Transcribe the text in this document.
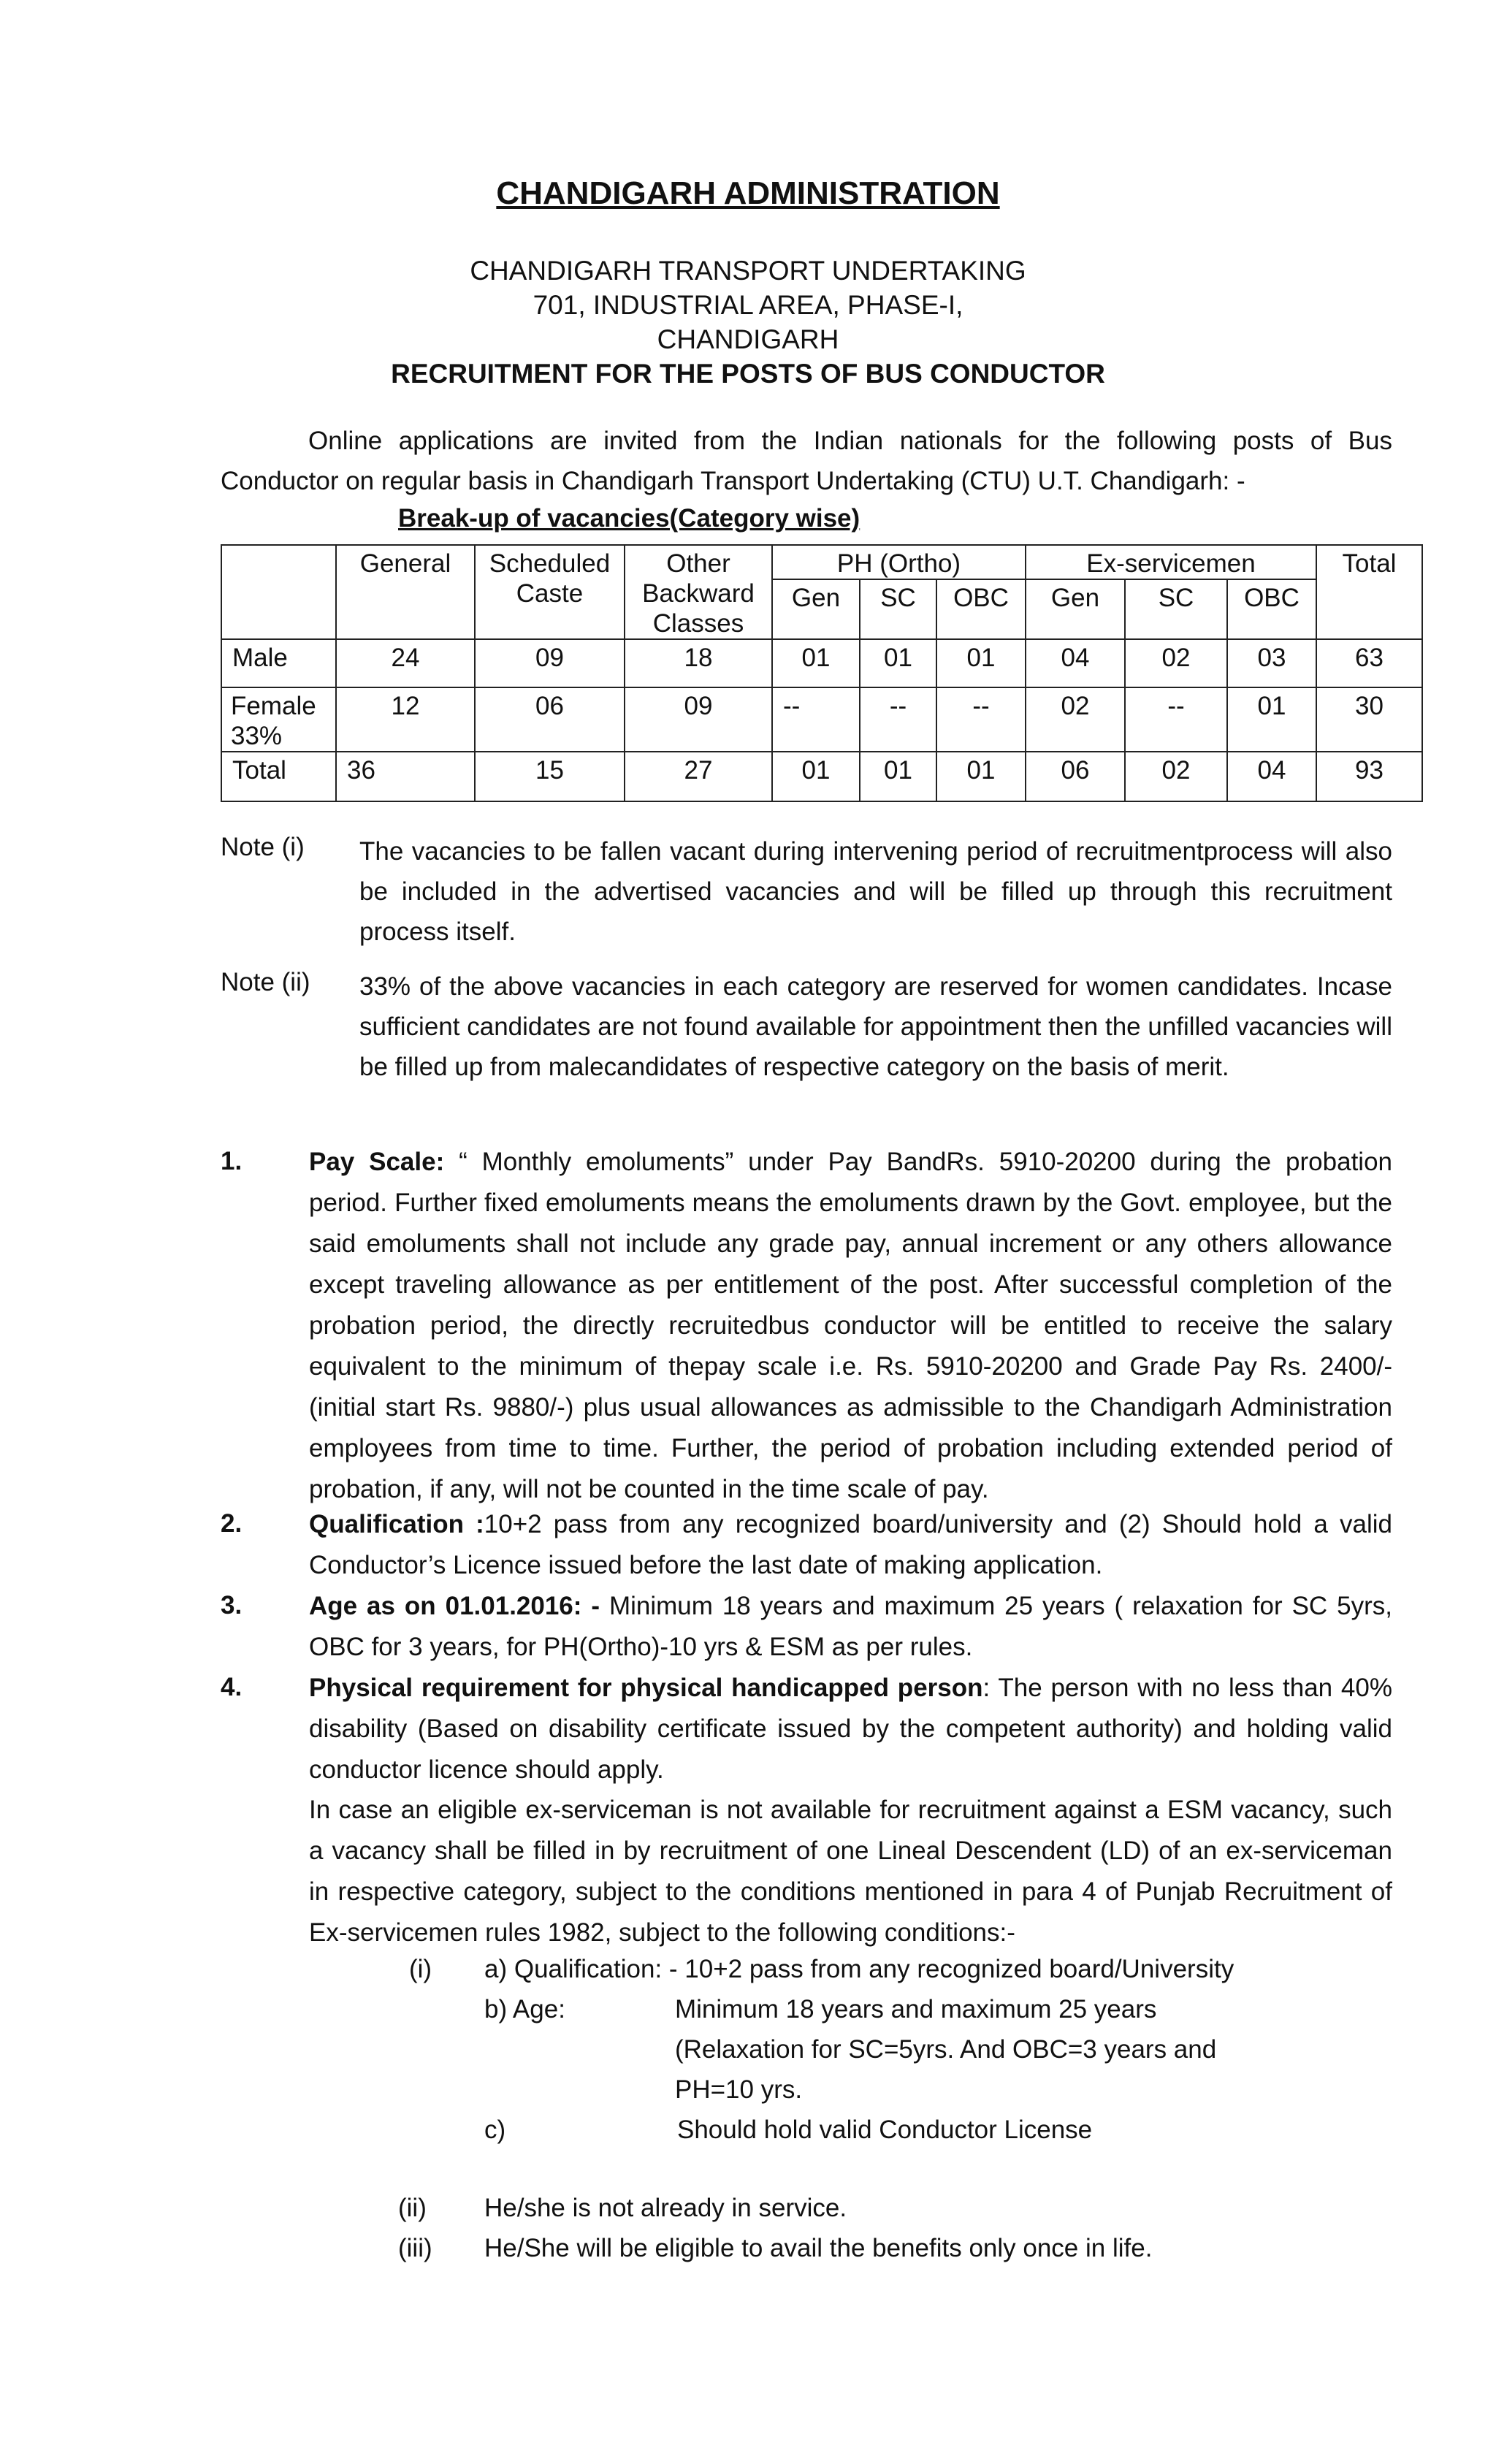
CHANDIGARH ADMINISTRATION
CHANDIGARH TRANSPORT UNDERTAKING
701, INDUSTRIAL AREA, PHASE-I,
CHANDIGARH
RECRUITMENT FOR THE POSTS OF BUS CONDUCTOR

Online applications are invited from the Indian nationals for the following posts of Bus Conductor on regular basis in Chandigarh Transport Undertaking (CTU) U.T. Chandigarh: -

Break-up of vacancies(Category wise)
	General	Scheduled Caste	Other Backward Classes	PH (Ortho)			Ex-servicemen			Total
				Gen	SC	OBC	Gen	SC	OBC	
Male	24	09	18	01	01	01	04	02	03	63
Female 33%	12	06	09	--	--	--	02	--	01	30
Total	36	15	27	01	01	01	06	02	04	93
Note (i) The vacancies to be fallen vacant during intervening period of recruitmentprocess will also be included in the advertised vacancies and will be filled up through this recruitment process itself.

Note (ii) 33% of the above vacancies in each category are reserved for women candidates. Incase sufficient candidates are not found available for appointment then the unfilled vacancies will be filled up from malecandidates of respective category on the basis of merit.

1.	Pay Scale: “ Monthly emoluments” under Pay BandRs. 5910-20200 during the probation period. Further fixed emoluments means the emoluments drawn by the Govt. employee, but the said emoluments shall not include any grade pay, annual increment or any others allowance except traveling allowance as per entitlement of the post. After successful completion of the probation period, the directly recruitedbus conductor will be entitled to receive the salary equivalent to the minimum of thepay scale i.e. Rs. 5910-20200 and Grade Pay Rs. 2400/- (initial start Rs. 9880/-) plus usual allowances as admissible to the Chandigarh Administration employees from time to time. Further, the period of probation including extended period of probation, if any, will not be counted in the time scale of pay.

2.	Qualification :10+2 pass from any recognized board/university and (2) Should hold a valid Conductor’s Licence issued before the last date of making application.

3.	Age as on 01.01.2016: - Minimum 18 years and maximum 25 years ( relaxation for SC 5yrs, OBC for 3 years, for PH(Ortho)-10 yrs & ESM as per rules.

4.	Physical requirement for physical handicapped person: The person with no less than 40% disability (Based on disability certificate issued by the competent authority) and holding valid conductor licence should apply.

In case an eligible ex-serviceman is not available for recruitment against a ESM vacancy, such a vacancy shall be filled in by recruitment of one Lineal Descendent (LD) of an ex-serviceman in respective category, subject to the conditions mentioned in para 4 of Punjab Recruitment of Ex-servicemen rules 1982, subject to the following conditions:-

(i) a) Qualification: - 10+2 pass from any recognized board/University
b) Age:	Minimum 18 years and maximum 25 years
(Relaxation for SC=5yrs. And OBC=3 years and
PH=10 yrs.
c)	Should hold valid Conductor License
(ii) He/she is not already in service.
(iii) He/She will be eligible to avail the benefits only once in life.
